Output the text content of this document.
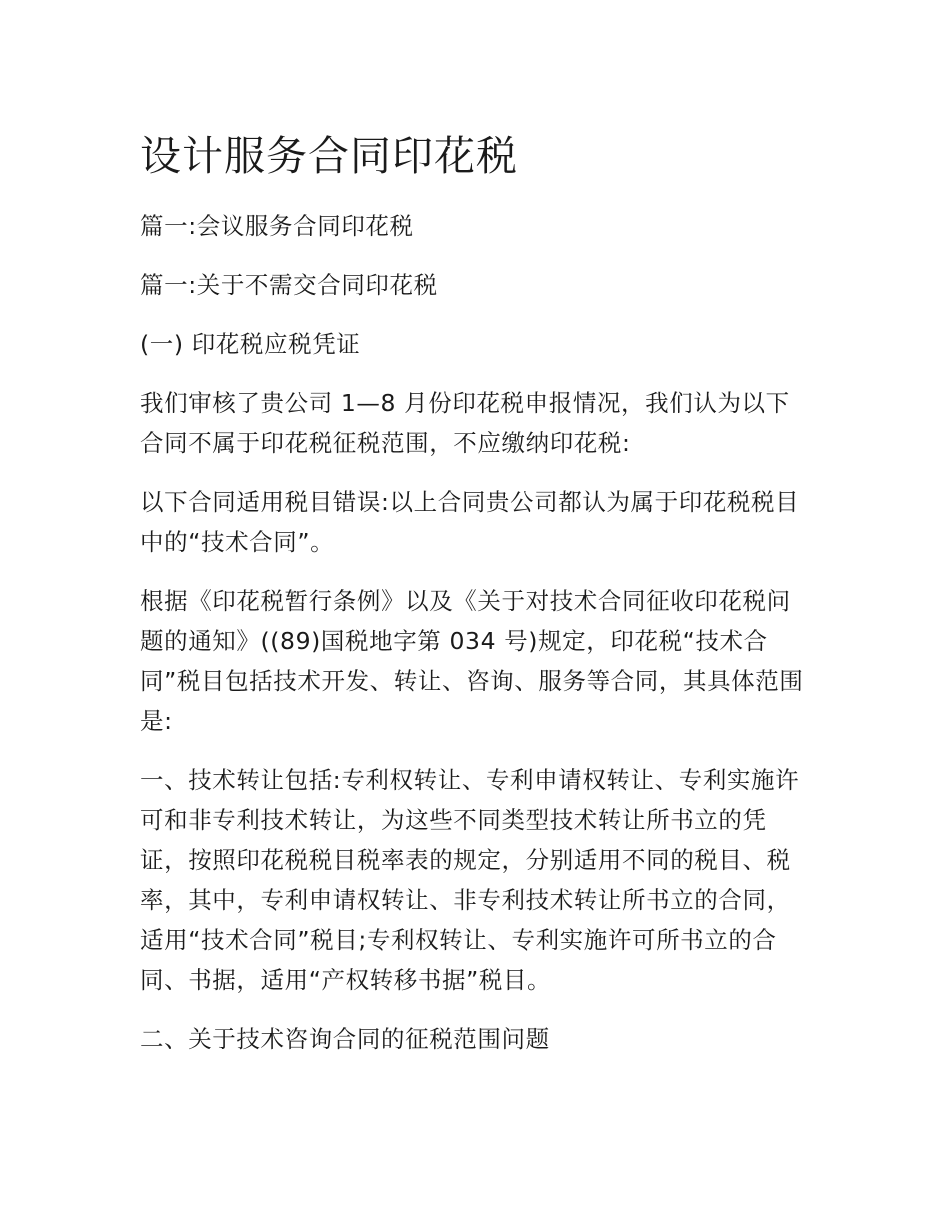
设计服务合同印花税

篇一:会议服务合同印花税

篇一:关于不需交合同印花税

(一) 印花税应税凭证

我们审核了贵公司 1—8 月份印花税申报情况，我们认为以下合同不属于印花税征税范围，不应缴纳印花税:

以下合同适用税目错误:以上合同贵公司都认为属于印花税税目中的“技术合同”。

根据《印花税暂行条例》以及《关于对技术合同征收印花税问题的通知》((89)国税地字第 034 号)规定，印花税“技术合同”税目包括技术开发、转让、咨询、服务等合同，其具体范围是:

一、技术转让包括:专利权转让、专利申请权转让、专利实施许可和非专利技术转让，为这些不同类型技术转让所书立的凭证，按照印花税税目税率表的规定，分别适用不同的税目、税率，其中，专利申请权转让、非专利技术转让所书立的合同，适用“技术合同”税目;专利权转让、专利实施许可所书立的合同、书据，适用“产权转移书据”税目。

二、关于技术咨询合同的征税范围问题
